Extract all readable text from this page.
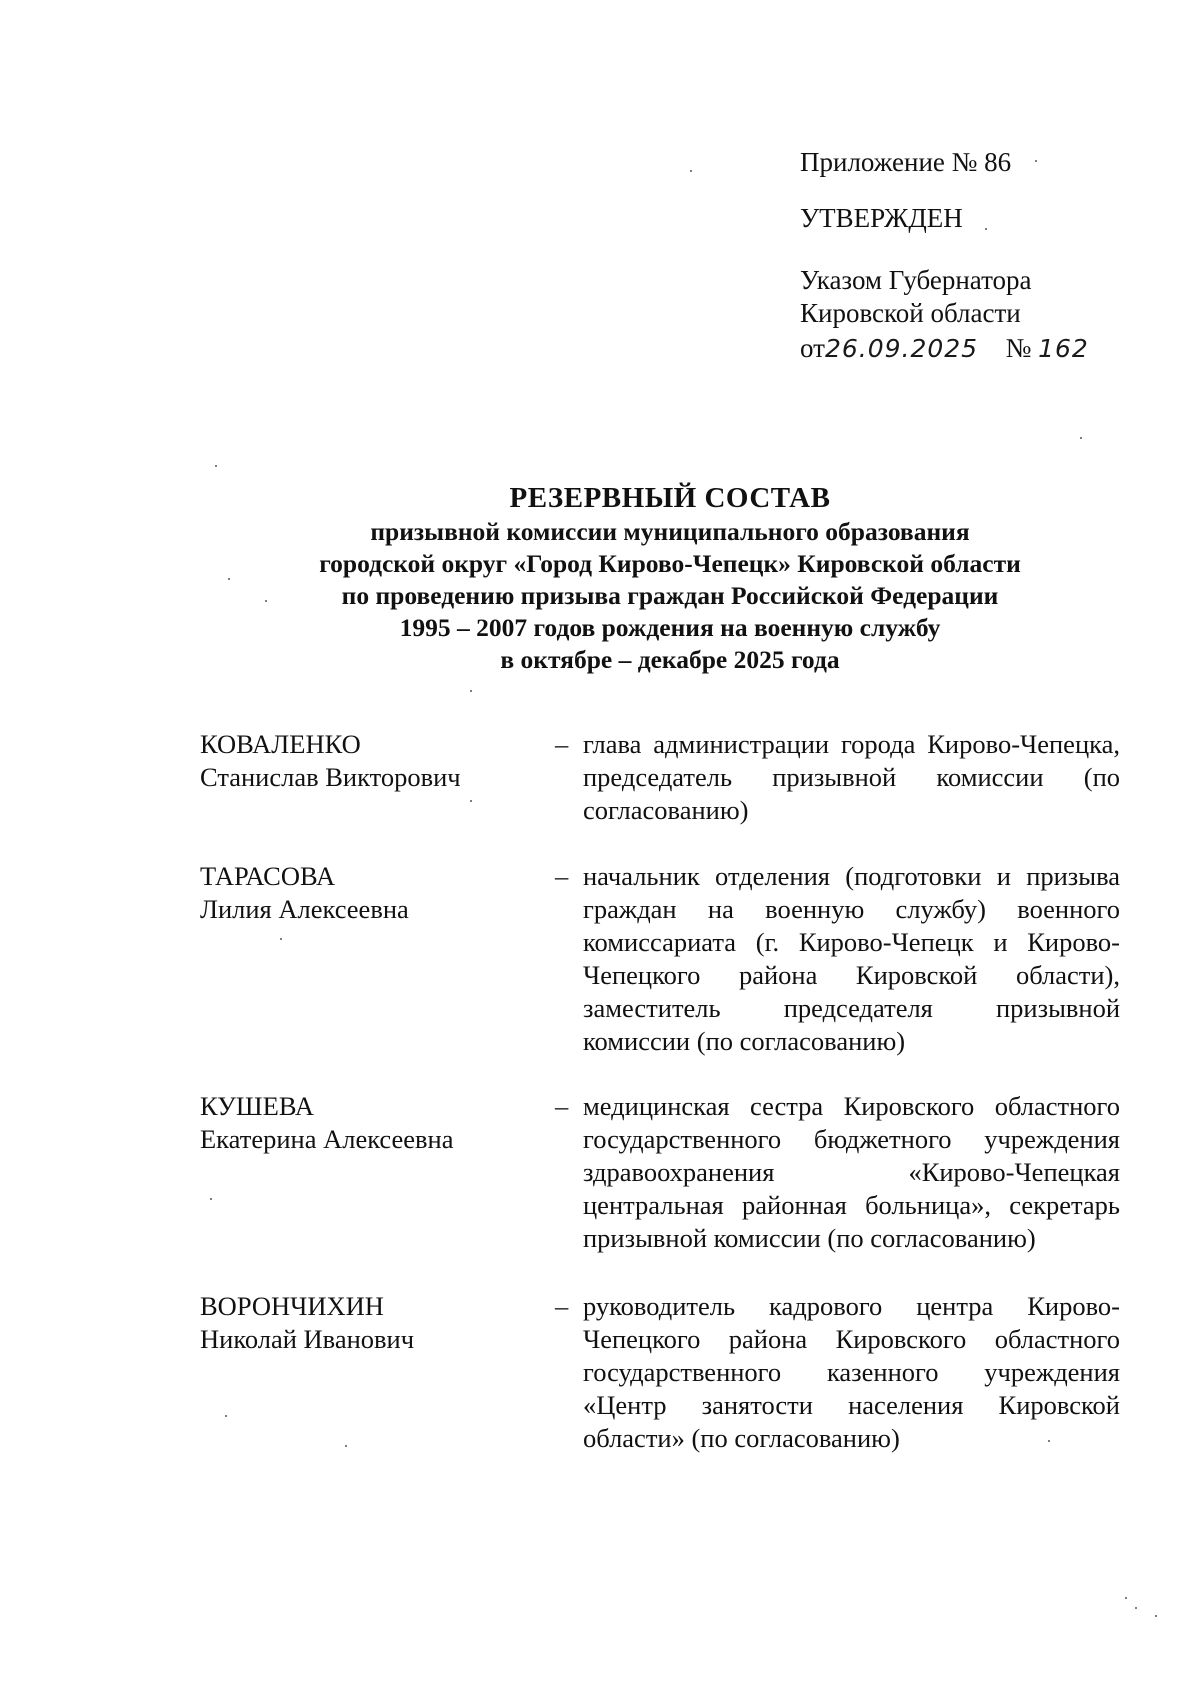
Приложение № 86
УТВЕРЖДЕН
Указом Губернатора
Кировской области
от26.09.2025 № 162
РЕЗЕРВНЫЙ СОСТАВ
призывной комиссии муниципального образования
городской округ «Город Кирово-Чепецк» Кировской области
по проведению призыва граждан Российской Федерации
1995 – 2007 годов рождения на военную службу
в октябре – декабре 2025 года
КОВАЛЕНКО
Станислав Викторович
– глава администрации города Кирово-Чепецка, председатель призывной комиссии (по согласованию)
ТАРАСОВА
Лилия Алексеевна
– начальник отделения (подготовки и призыва граждан на военную службу) военного комиссариата (г. Кирово-Чепецк и Кирово-Чепецкого района Кировской области), заместитель председателя призывной комиссии (по согласованию)
КУШЕВА
Екатерина Алексеевна
– медицинская сестра Кировского областного государственного бюджетного учреждения здравоохранения «Кирово-Чепецкая центральная районная больница», секретарь призывной комиссии (по согласованию)
ВОРОНЧИХИН
Николай Иванович
– руководитель кадрового центра Кирово-Чепецкого района Кировского областного государственного казенного учреждения «Центр занятости населения Кировской области» (по согласованию)
